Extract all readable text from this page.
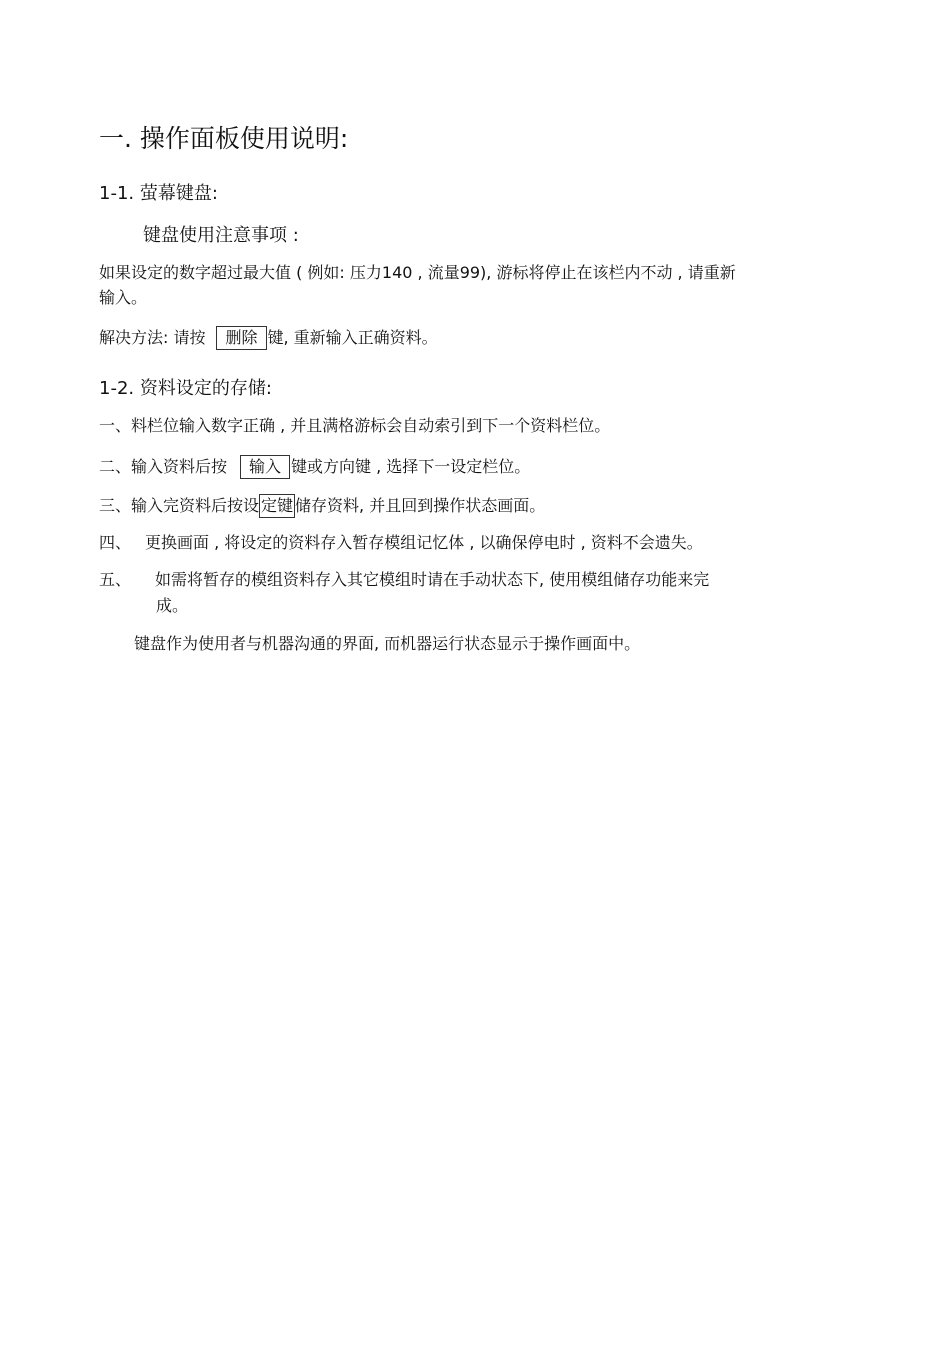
一. 操作面板使用说明:
1-1. 萤幕键盘:
键盘使用注意事项 :
如果设定的数字超过最大值 ( 例如: 压力140 , 流量99), 游标将停止在该栏内不动 , 请重新
输入。
解决方法: 请按 删除 键, 重新输入正确资料。
1-2. 资料设定的存储:
一、料栏位输入数字正确 , 并且满格游标会自动索引到下一个资料栏位。
二、输入资料后按 输入 键或方向键 , 选择下一设定栏位。
三、输入完资料后按设 定键 储存资料, 并且回到操作状态画面。
四、 更换画面 , 将设定的资料存入暂存模组记忆体 , 以确保停电时 , 资料不会遗失。
五、 如需将暂存的模组资料存入其它模组时请在手动状态下, 使用模组储存功能来完
成。
键盘作为使用者与机器沟通的界面, 而机器运行状态显示于操作画面中。
